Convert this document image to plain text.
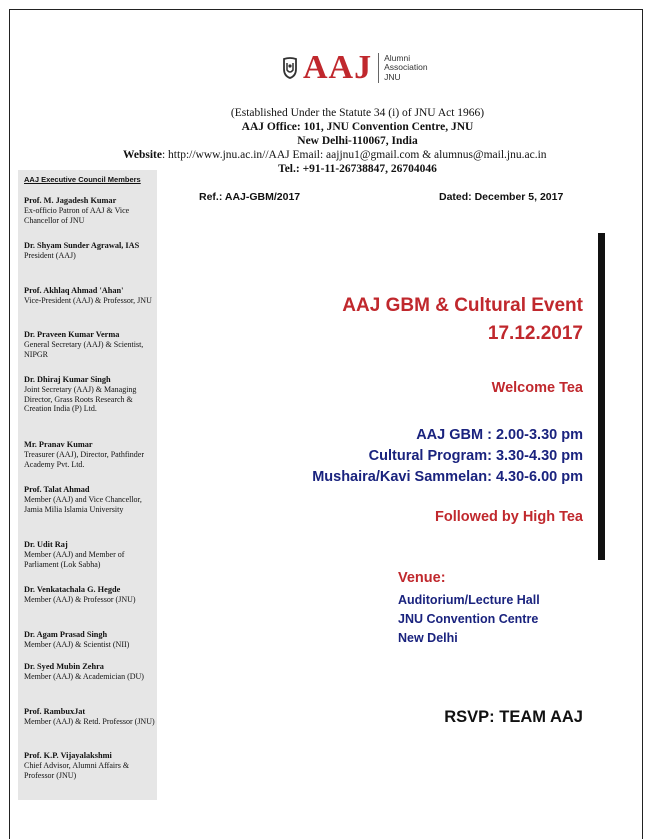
AAJ Alumni
Association
JNU
(Established Under the Statute 34 (i) of JNU Act 1966)
AAJ Office: 101, JNU Convention Centre, JNU
New Delhi-110067, India
Website: http://www.jnu.ac.in//AAJ Email: aajjnu1@gmail.com & alumnus@mail.jnu.ac.in
Tel.: +91-11-26738847, 26704046
AAJ Executive Council Members
Prof. M. Jagadesh Kumar
Ex-officio Patron of AAJ & Vice Chancellor of JNU
Dr. Shyam Sunder Agrawal, IAS
President (AAJ)
Prof. Akhlaq Ahmad 'Ahan'
Vice-President (AAJ) & Professor, JNU
Dr. Praveen Kumar Verma
General Secretary (AAJ) & Scientist, NIPGR
Dr. Dhiraj Kumar Singh
Joint Secretary (AAJ) & Managing Director, Grass Roots Research & Creation India (P) Ltd.
Mr. Pranav Kumar
Treasurer (AAJ), Director, Pathfinder Academy Pvt. Ltd.
Prof. Talat Ahmad
Member (AAJ) and Vice Chancellor, Jamia Milia Islamia University
Dr. Udit Raj
Member (AAJ) and Member of Parliament (Lok Sabha)
Dr. Venkatachala G. Hegde
Member (AAJ) & Professor (JNU)
Dr. Agam Prasad Singh
Member (AAJ) & Scientist (NII)
Dr. Syed Mubin Zehra
Member (AAJ) & Academician (DU)
Prof. RambuxJat
Member (AAJ) & Retd. Professor (JNU)
Prof. K.P. Vijayalakshmi
Chief Advisor, Alumni Affairs & Professor (JNU)
Ref.: AAJ-GBM/2017	Dated: December 5, 2017
AAJ GBM & Cultural Event
17.12.2017
Welcome Tea
AAJ GBM : 2.00-3.30 pm
Cultural Program: 3.30-4.30 pm
Mushaira/Kavi Sammelan: 4.30-6.00 pm
Followed by High Tea
Venue:
Auditorium/Lecture Hall
JNU Convention Centre
New Delhi
RSVP: TEAM AAJ
